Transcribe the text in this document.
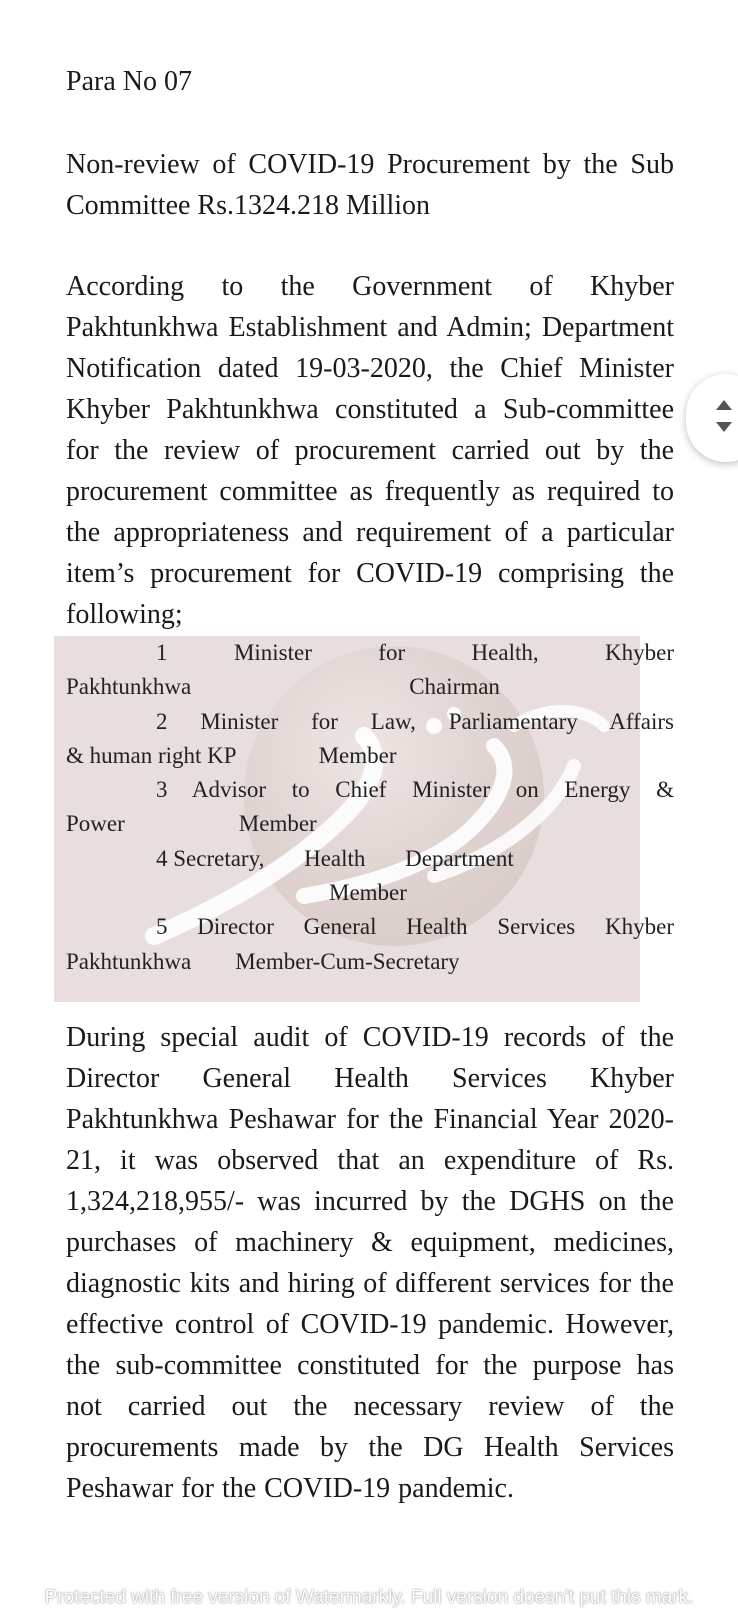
Para No 07
Non-review of COVID-19 Procurement by the Sub Committee Rs.1324.218 Million
According to the Government of Khyber Pakhtunkhwa Establishment and Admin; Department Notification dated 19-03-2020, the Chief Minister Khyber Pakhtunkhwa constituted a Sub-committee for the review of procurement carried out by the procurement committee as frequently as required to the appropriateness and requirement of a particular item’s procurement for COVID-19 comprising the following;
During special audit of COVID-19 records of the Director General Health Services Khyber Pakhtunkhwa Peshawar for the Financial Year 2020-21, it was observed that an expenditure of Rs. 1,324,218,955/- was incurred by the DGHS on the purchases of machinery & equipment, medicines, diagnostic kits and hiring of different services for the effective control of COVID-19 pandemic. However, the sub-committee constituted for the purpose has not carried out the necessary review of the procurements made by the DG Health Services Peshawar for the COVID-19 pandemic.
1	Minister for Health, Khyber
Pakhtunkhwa	Chairman
2 Minister for Law, Parliamentary Affairs
& human right KP	Member
3 Advisor to Chief Minister on Energy &
Power	Member
4 Secretary, Health Department
Member
5 Director General Health Services Khyber
Pakhtunkhwa Member-Cum-Secretary
Protected with free version of Watermarkly. Full version doesn't put this mark.
